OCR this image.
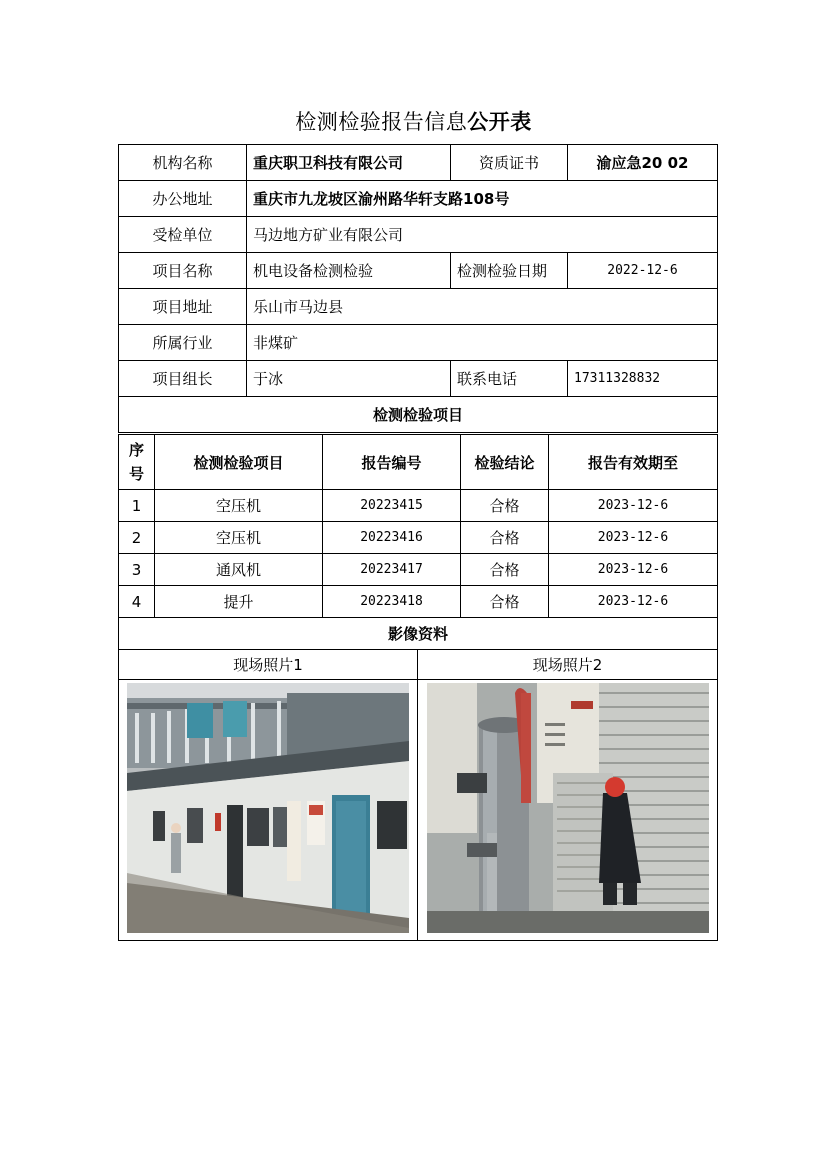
检测检验报告信息公开表
机构名称	重庆职卫科技有限公司	资质证书	渝应急20 02
办公地址	重庆市九龙坡区渝州路华轩支路108号		
受检单位	马边地方矿业有限公司		
项目名称	机电设备检测检验	检测检验日期	2022-12-6
项目地址	乐山市马边县		
所属行业	非煤矿		
项目组长	于冰	联系电话	17311328832
检测检验项目			
序号	检测检验项目	报告编号	检验结论	报告有效期至
1	空压机	20223415	合格	2023-12-6
2	空压机	20223416	合格	2023-12-6
3	通风机	20223417	合格	2023-12-6
4	提升	20223418	合格	2023-12-6
影像资料	
现场照片1	现场照片2
